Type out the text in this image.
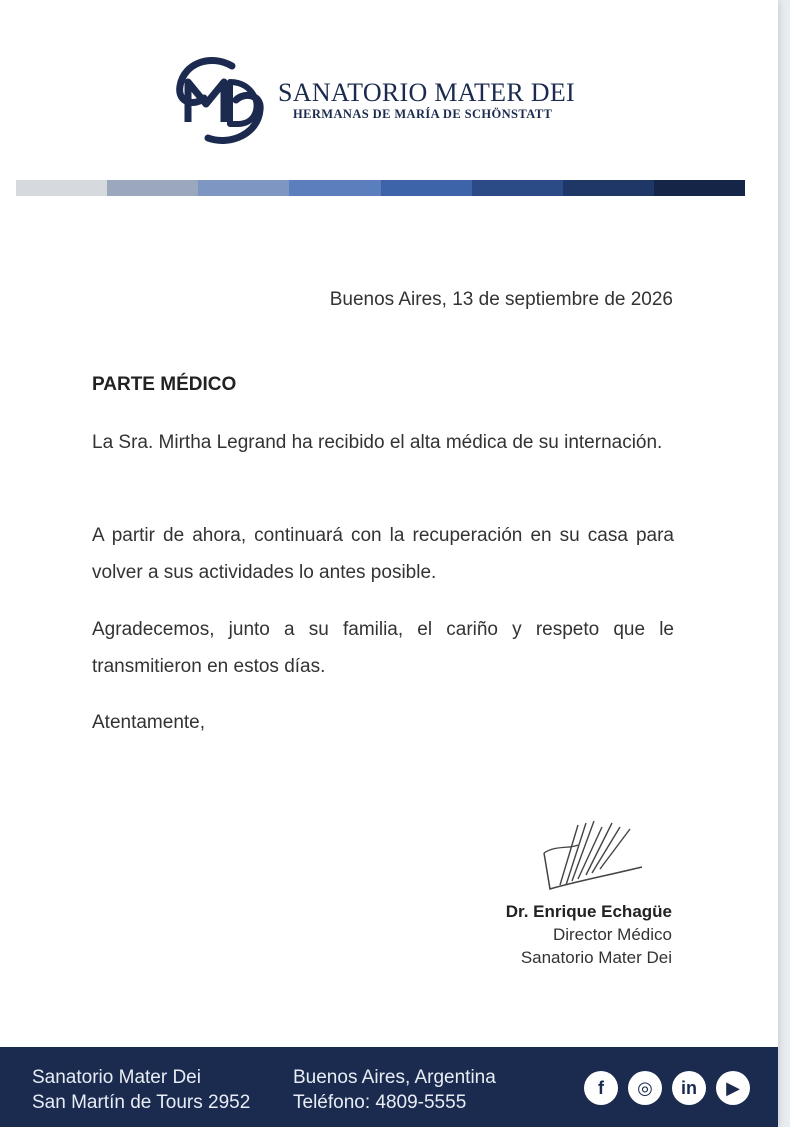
SANATORIO MATER DEI
HERMANAS DE MARÍA DE SCHÖNSTATT
Buenos Aires, 13 de septiembre de 2026
PARTE MÉDICO

La Sra. Mirtha Legrand ha recibido el alta médica de su internación.

A partir de ahora, continuará con la recuperación en su casa para volver a sus actividades lo antes posible.

Agradecemos, junto a su familia, el cariño y respeto que le transmitieron en estos días.

Atentamente,
Dr. Enrique Echagüe
Director Médico
Sanatorio Mater Dei
Sanatorio Mater Dei
San Martín de Tours 2952
Buenos Aires, Argentina
Teléfono: 4809-5555
f	◎	in	▶
